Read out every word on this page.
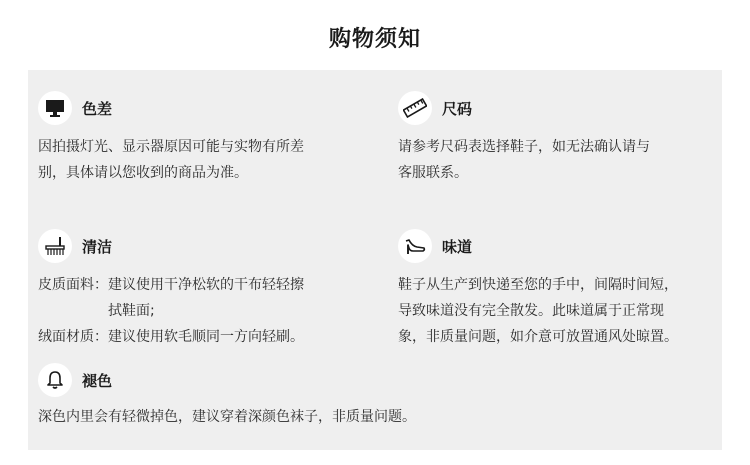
购物须知
色差
因拍摄灯光、显示器原因可能与实物有所差
别，具体请以您收到的商品为准。
尺码
请参考尺码表选择鞋子，如无法确认请与
客服联系。
清洁
皮质面料： 建议使用干净松软的干布轻轻擦
拭鞋面;
绒面材质： 建议使用软毛顺同一方向轻刷。
味道
鞋子从生产到快递至您的手中，间隔时间短，
导致味道没有完全散发。此味道属于正常现
象，非质量问题，如介意可放置通风处晾置。
褪色
深色内里会有轻微掉色，建议穿着深颜色袜子，非质量问题。
